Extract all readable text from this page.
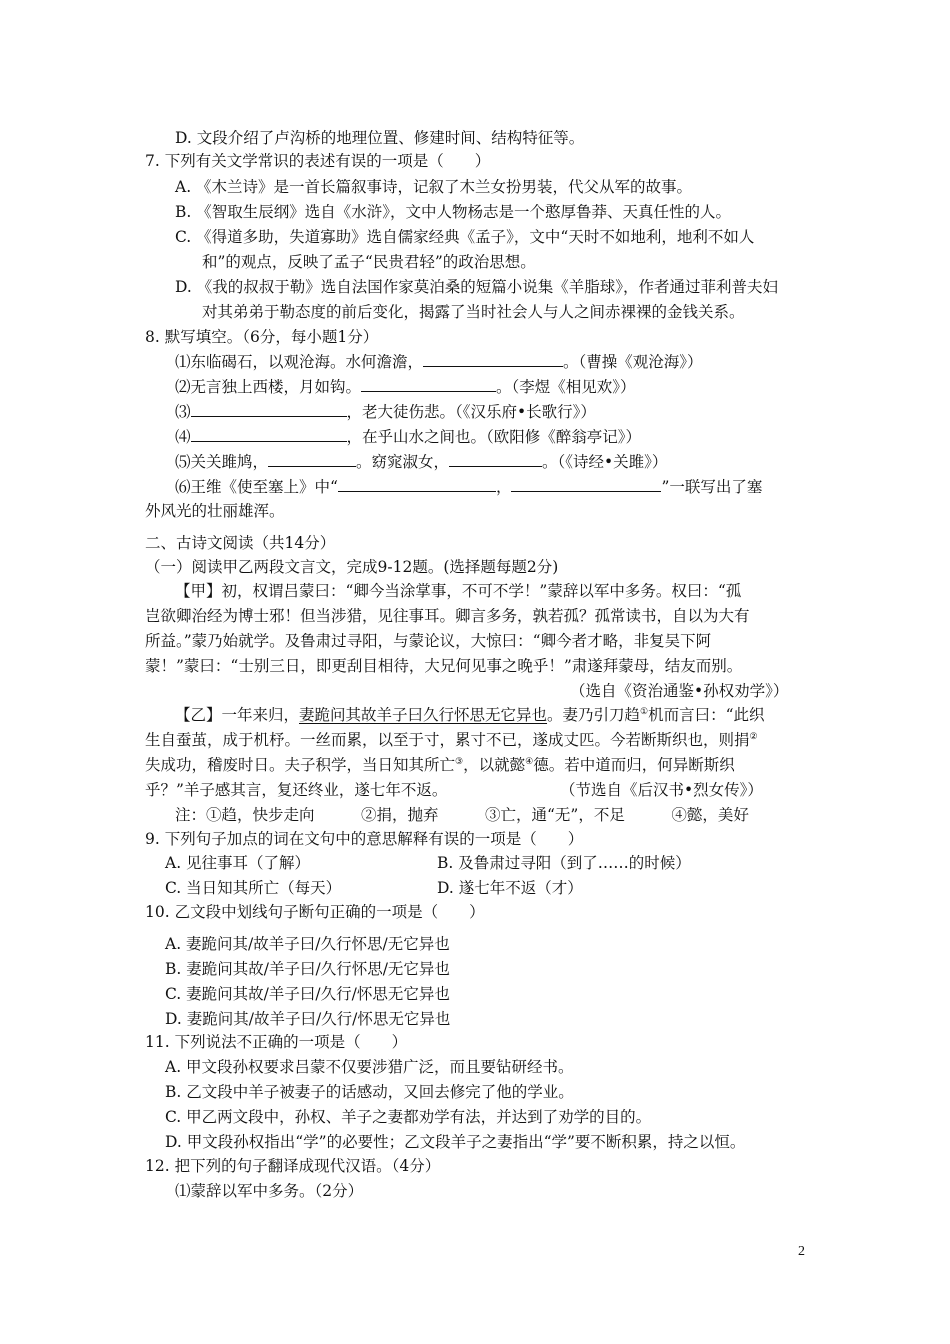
D. 文段介绍了卢沟桥的地理位置、修建时间、结构特征等。
7. 下列有关文学常识的表述有误的一项是（　　）
A. 《木兰诗》是一首长篇叙事诗，记叙了木兰女扮男装，代父从军的故事。
B. 《智取生辰纲》选自《水浒》，文中人物杨志是一个憨厚鲁莽、天真任性的人。
C. 《得道多助，失道寡助》选自儒家经典《孟子》，文中“天时不如地利，地利不如人
和”的观点，反映了孟子“民贵君轻”的政治思想。
D. 《我的叔叔于勒》选自法国作家莫泊桑的短篇小说集《羊脂球》，作者通过菲利普夫妇
对其弟弟于勒态度的前后变化，揭露了当时社会人与人之间赤裸裸的金钱关系。
8. 默写填空。（6分，每小题1分）
⑴东临碣石，以观沧海。水何澹澹，	。（曹操《观沧海》）
⑵无言独上西楼，月如钩。	。（李煜《相见欢》）
⑶	，老大徒伤悲。（《汉乐府•长歌行》）
⑷	，在乎山水之间也。（欧阳修《醉翁亭记》）
⑸关关雎鸠，	。窈窕淑女，	。（《诗经•关雎》）
⑹王维《使至塞上》中“	，	”一联写出了塞
外风光的壮丽雄浑。
二、古诗文阅读（共14分）
（一）阅读甲乙两段文言文，完成9-12题。(选择题每题2分)
【甲】初，权谓吕蒙曰：“卿今当涂掌事，不可不学！”蒙辞以军中多务。权曰：“孤
岂欲卿治经为博士邪！但当涉猎，见往事耳。卿言多务，孰若孤？孤常读书，自以为大有
所益。”蒙乃始就学。及鲁肃过寻阳，与蒙论议，大惊曰：“卿今者才略，非复吴下阿
蒙！”蒙曰：“士别三日，即更刮目相待，大兄何见事之晚乎！”肃遂拜蒙母，结友而别。
（选自《资治通鉴•孙权劝学》）
【乙】一年来归，妻跪问其故羊子曰久行怀思无它异也。妻乃引刀趋①机而言曰：“此织
生自蚕茧，成于机杼。一丝而累，以至于寸，累寸不已，遂成丈匹。今若断斯织也，则捐②
失成功，稽废时日。夫子积学，当日知其所亡③，以就懿④德。若中道而归，何异断斯织
乎？”羊子感其言，复还终业，遂七年不返。	（节选自《后汉书•烈女传》）
注：①趋，快步走向　　　②捐，抛弃　　　③亡，通“无”，不足　　　④懿，美好
9. 下列句子加点的词在文句中的意思解释有误的一项是（　　）
A. 见往事耳（了解）	B. 及鲁肃过寻阳（到了……的时候）
C. 当日知其所亡（每天）	D. 遂七年不返（才）
10. 乙文段中划线句子断句正确的一项是（　　）
A. 妻跪问其/故羊子曰/久行怀思/无它异也
B. 妻跪问其故/羊子曰/久行怀思/无它异也
C. 妻跪问其故/羊子曰/久行/怀思无它异也
D. 妻跪问其/故羊子曰/久行/怀思无它异也
11. 下列说法不正确的一项是（　　）
A. 甲文段孙权要求吕蒙不仅要涉猎广泛，而且要钻研经书。
B. 乙文段中羊子被妻子的话感动，又回去修完了他的学业。
C. 甲乙两文段中，孙权、羊子之妻都劝学有法，并达到了劝学的目的。
D. 甲文段孙权指出“学”的必要性；乙文段羊子之妻指出“学”要不断积累，持之以恒。
12. 把下列的句子翻译成现代汉语。（4分）
⑴蒙辞以军中多务。（2分）
2
